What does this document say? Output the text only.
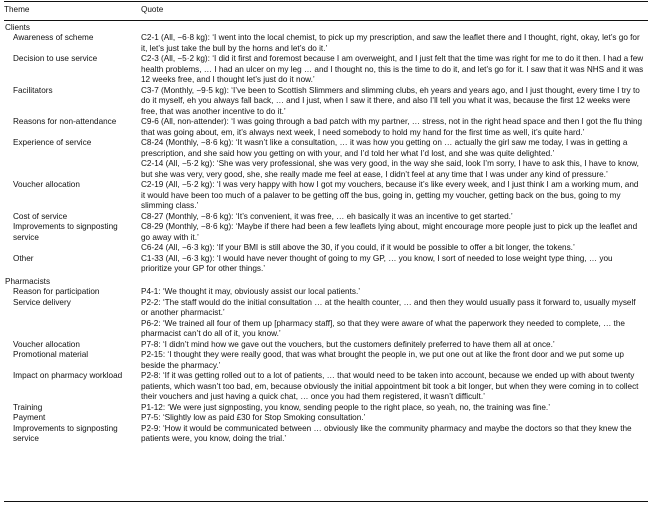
Theme	Quote
Clients
Awareness of scheme	C2-1 (All, −6·8 kg): ‘I went into the local chemist, to pick up my prescription, and saw the leaflet there and I thought, right, okay, let’s go for it, let’s just take the bull by the horns and let’s do it.’
Decision to use service	C2-3 (All, −5·2 kg): ‘I did it first and foremost because I am overweight, and I just felt that the time was right for me to do it then. I had a few health problems, … I had an ulcer on my leg … and I thought no, this is the time to do it, and let’s go for it. I saw that it was NHS and it was 12 weeks free, and I thought let’s just do it now.’
Facilitators	C3-7 (Monthly, −9·5 kg): ‘I’ve been to Scottish Slimmers and slimming clubs, eh years and years ago, and I just thought, every time I try to do it myself, eh you always fall back, … and I just, when I saw it there, and also I’ll tell you what it was, because the first 12 weeks were free, that was another incentive to do it.’
Reasons for non-attendance	C9-6 (All, non-attender): ‘I was going through a bad patch with my partner, … stress, not in the right head space and then I got the flu thing that was going about, em, it’s always next week, I need somebody to hold my hand for the first time as well, it’s quite hard.’
Experience of service	C8-24 (Monthly, −8·6 kg): ‘It wasn’t like a consultation, … it was how you getting on … actually the girl saw me today, I was in getting a prescription, and she said how you getting on with your, and I’d told her what I’d lost, and she was quite delighted.’
C2-14 (All, −5·2 kg): ‘She was very professional, she was very good, in the way she said, look I’m sorry, I have to ask this, I have to know, but she was very, very good, she, she really made me feel at ease, I didn’t feel at any time that I was under any kind of pressure.’
Voucher allocation	C2-19 (All, −5·2 kg): ‘I was very happy with how I got my vouchers, because it’s like every week, and I just think I am a working mum, and it would have been too much of a palaver to be getting off the bus, going in, getting my voucher, getting back on the bus, going to my slimming class.’
Cost of service	C8-27 (Monthly, −8·6 kg): ‘It’s convenient, it was free, … eh basically it was an incentive to get started.’
Improvements to signposting service
C8-29 (Monthly, −8·6 kg): ‘Maybe if there had been a few leaflets lying about, might encourage more people just to pick up the leaflet and go away with it.’
C6-24 (All, −6·3 kg): ‘If your BMI is still above the 30, if you could, if it would be possible to offer a bit longer, the tokens.’
Other	C1-33 (All, −6·3 kg): ‘I would have never thought of going to my GP, … you know, I sort of needed to lose weight type thing, … you prioritize your GP for other things.’
Pharmacists
Reason for participation	P4-1: ‘We thought it may, obviously assist our local patients.’
Service delivery	P2-2: ‘The staff would do the initial consultation … at the health counter, … and then they would usually pass it forward to, usually myself or another pharmacist.’
P6-2: ‘We trained all four of them up [pharmacy staff], so that they were aware of what the paperwork they needed to complete, … the pharmacist can’t do all of it, you know.’
Voucher allocation	P7-8: ‘I didn’t mind how we gave out the vouchers, but the customers definitely preferred to have them all at once.’
Promotional material	P2-15: ‘I thought they were really good, that was what brought the people in, we put one out at like the front door and we put some up beside the pharmacy.’
Impact on pharmacy workload	P2-8: ‘If it was getting rolled out to a lot of patients, … that would need to be taken into account, because we ended up with about twenty patients, which wasn’t too bad, em, because obviously the initial appointment bit took a bit longer, but when they were coming in to collect their vouchers and just having a quick chat, … once you had them registered, it wasn’t difficult.’
Training	P1-12: ‘We were just signposting, you know, sending people to the right place, so yeah, no, the training was fine.’
Payment	P7-5: ‘Slightly low as paid £30 for Stop Smoking consultation.’
Improvements to signposting service
P2-9: ‘How it would be communicated between … obviously like the community pharmacy and maybe the doctors so that they knew the patients were, you know, doing the trial.’
